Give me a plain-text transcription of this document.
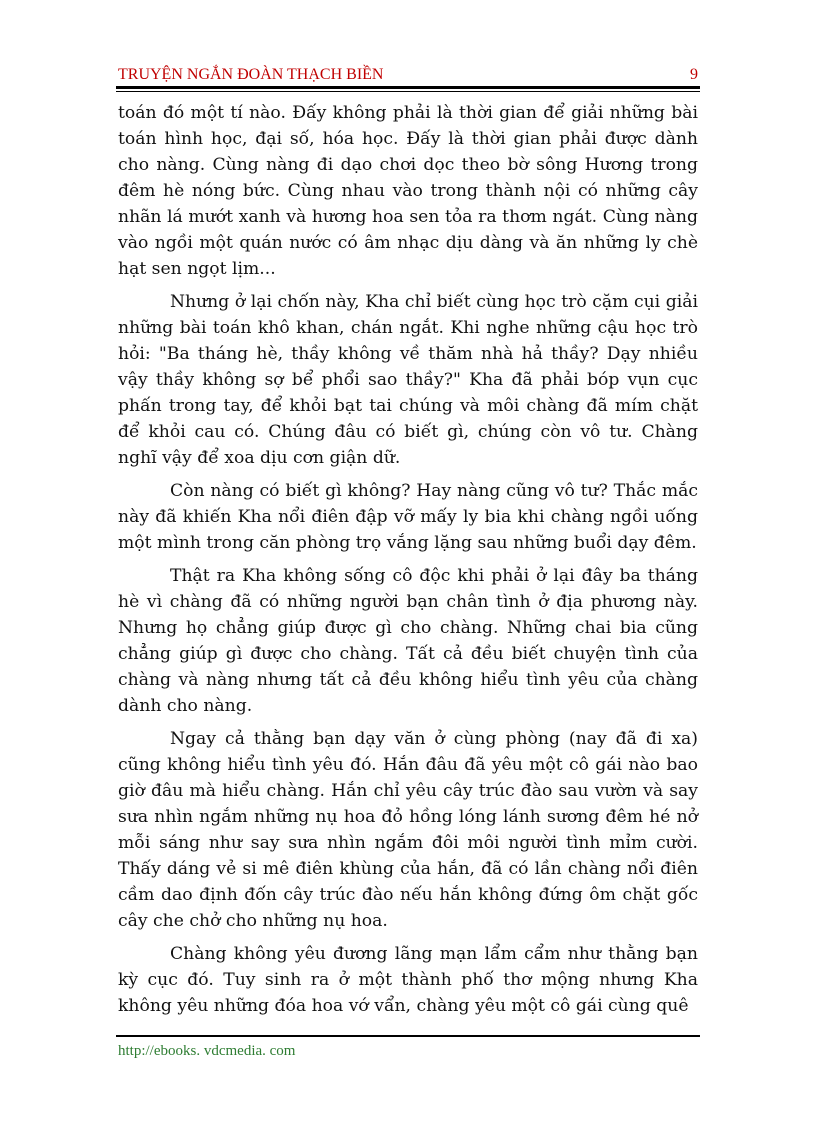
TRUYỆN NGẮN ĐOÀN THẠCH BIỀN	9

toán đó một tí nào. Đấy không phải là thời gian để giải những bài toán hình học, đại số, hóa học. Đấy là thời gian phải được dành cho nàng. Cùng nàng đi dạo chơi dọc theo bờ sông Hương trong đêm hè nóng bức. Cùng nhau vào trong thành nội có những cây nhãn lá mướt xanh và hương hoa sen tỏa ra thơm ngát. Cùng nàng vào ngồi một quán nước có âm nhạc dịu dàng và ăn những ly chè hạt sen ngọt lịm...

Nhưng ở lại chốn này, Kha chỉ biết cùng học trò cặm cụi giải những bài toán khô khan, chán ngắt. Khi nghe những cậu học trò hỏi: "Ba tháng hè, thầy không về thăm nhà hả thầy? Dạy nhiều vậy thầy không sợ bể phổi sao thầy?" Kha đã phải bóp vụn cục phấn trong tay, để khỏi bạt tai chúng và môi chàng đã mím chặt để khỏi cau có. Chúng đâu có biết gì, chúng còn vô tư. Chàng nghĩ vậy để xoa dịu cơn giận dữ.

Còn nàng có biết gì không? Hay nàng cũng vô tư? Thắc mắc này đã khiến Kha nổi điên đập vỡ mấy ly bia khi chàng ngồi uống một mình trong căn phòng trọ vắng lặng sau những buổi dạy đêm.

Thật ra Kha không sống cô độc khi phải ở lại đây ba tháng hè vì chàng đã có những người bạn chân tình ở địa phương này. Nhưng họ chẳng giúp được gì cho chàng. Những chai bia cũng chẳng giúp gì được cho chàng. Tất cả đều biết chuyện tình của chàng và nàng nhưng tất cả đều không hiểu tình yêu của chàng dành cho nàng.

Ngay cả thằng bạn dạy văn ở cùng phòng (nay đã đi xa) cũng không hiểu tình yêu đó. Hắn đâu đã yêu một cô gái nào bao giờ đâu mà hiểu chàng. Hắn chỉ yêu cây trúc đào sau vườn và say sưa nhìn ngắm những nụ hoa đỏ hồng lóng lánh sương đêm hé nở mỗi sáng như say sưa nhìn ngắm đôi môi người tình mỉm cười. Thấy dáng vẻ si mê điên khùng của hắn, đã có lần chàng nổi điên cầm dao định đốn cây trúc đào nếu hắn không đứng ôm chặt gốc cây che chở cho những nụ hoa.

Chàng không yêu đương lãng mạn lẩm cẩm như thằng bạn kỳ cục đó. Tuy sinh ra ở một thành phố thơ mộng nhưng Kha không yêu những đóa hoa vớ vẩn, chàng yêu một cô gái cùng quê

http://ebooks. vdcmedia. com
